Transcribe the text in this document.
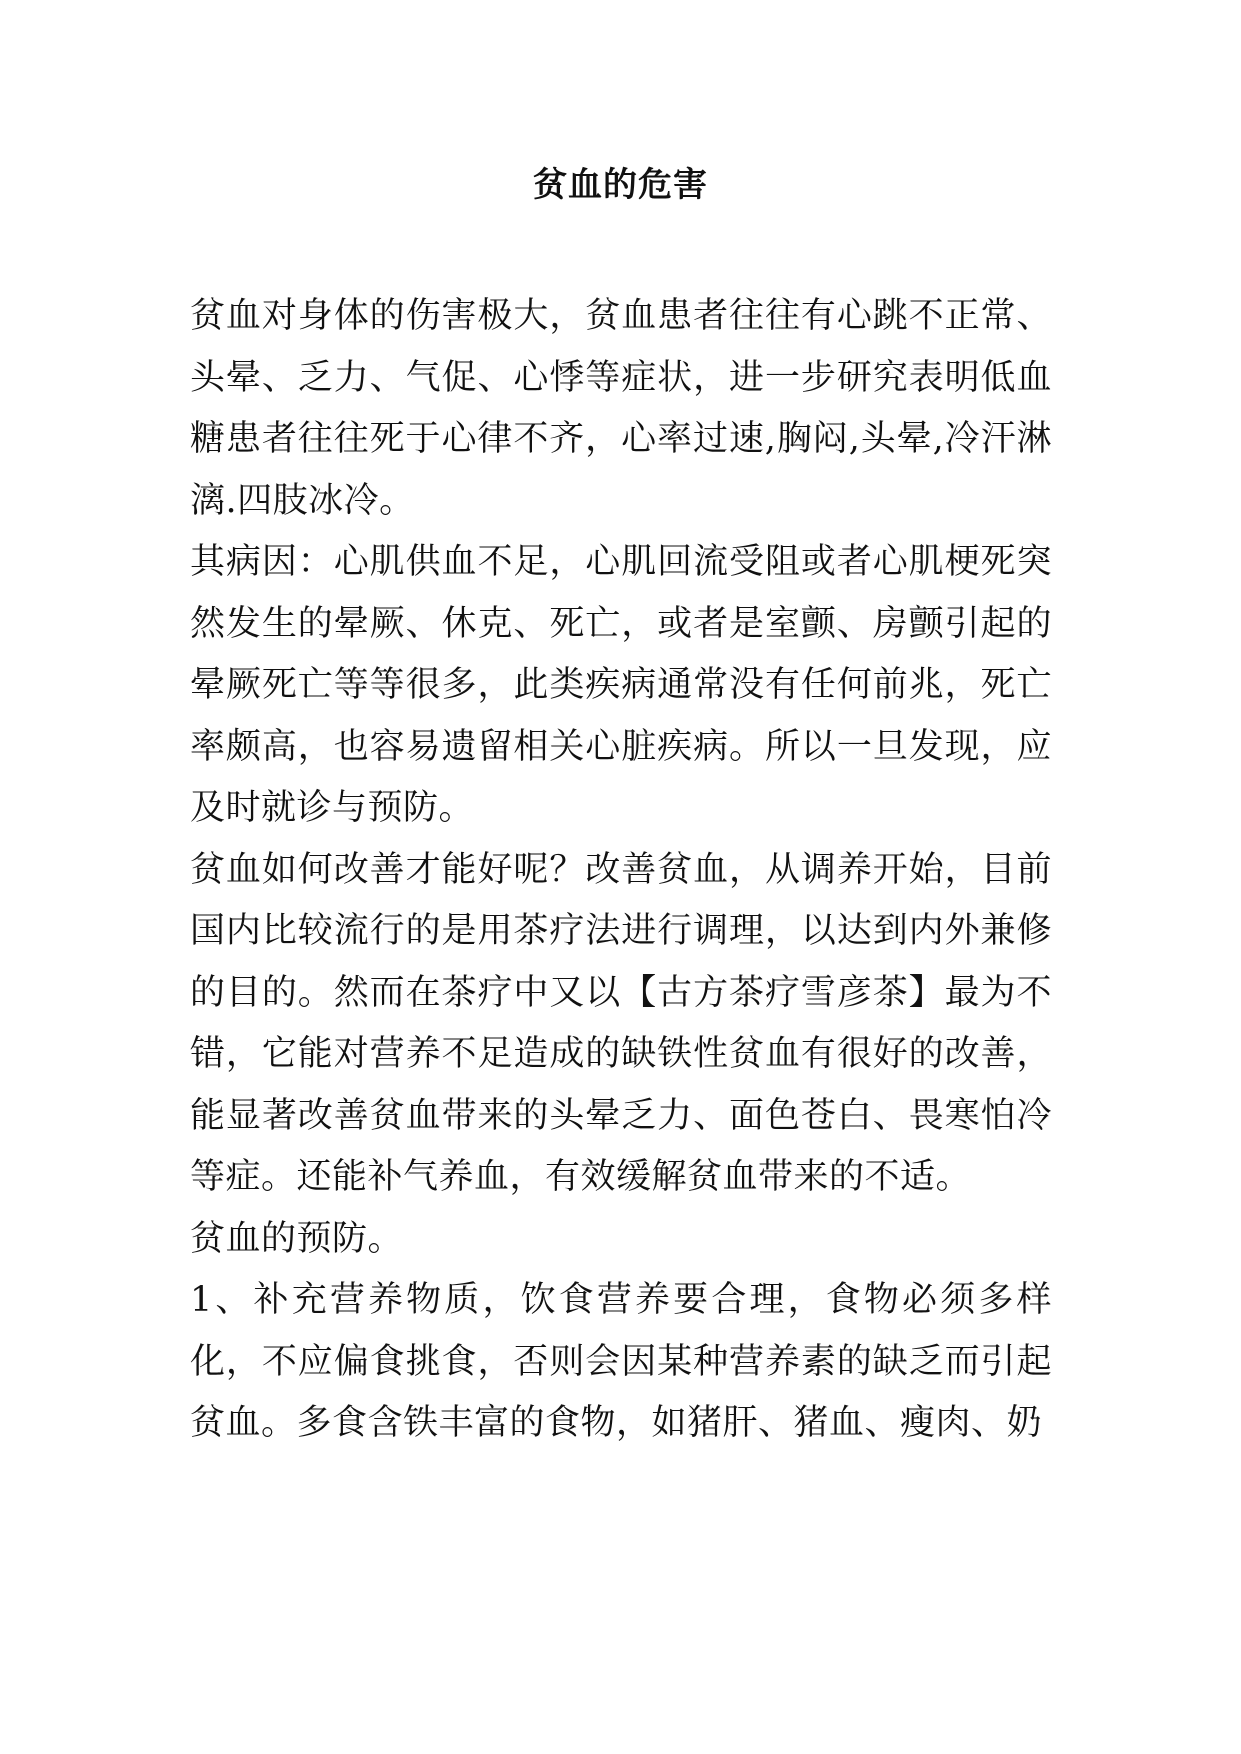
贫血的危害

贫血对身体的伤害极大，贫血患者往往有心跳不正常、头晕、乏力、气促、心悸等症状，进一步研究表明低血糖患者往往死于心律不齐，心率过速,胸闷,头晕,冷汗淋漓.四肢冰冷。

其病因：心肌供血不足，心肌回流受阻或者心肌梗死突然发生的晕厥、休克、死亡，或者是室颤、房颤引起的晕厥死亡等等很多，此类疾病通常没有任何前兆，死亡率颇高，也容易遗留相关心脏疾病。所以一旦发现，应及时就诊与预防。

贫血如何改善才能好呢？改善贫血，从调养开始，目前国内比较流行的是用茶疗法进行调理，以达到内外兼修的目的。然而在茶疗中又以【古方茶疗雪彦茶】最为不错，它能对营养不足造成的缺铁性贫血有很好的改善，能显著改善贫血带来的头晕乏力、面色苍白、畏寒怕冷等症。还能补气养血，有效缓解贫血带来的不适。

贫血的预防。

1、补充营养物质，饮食营养要合理，食物必须多样化，不应偏食挑食，否则会因某种营养素的缺乏而引起贫血。多食含铁丰富的食物，如猪肝、猪血、瘦肉、奶
